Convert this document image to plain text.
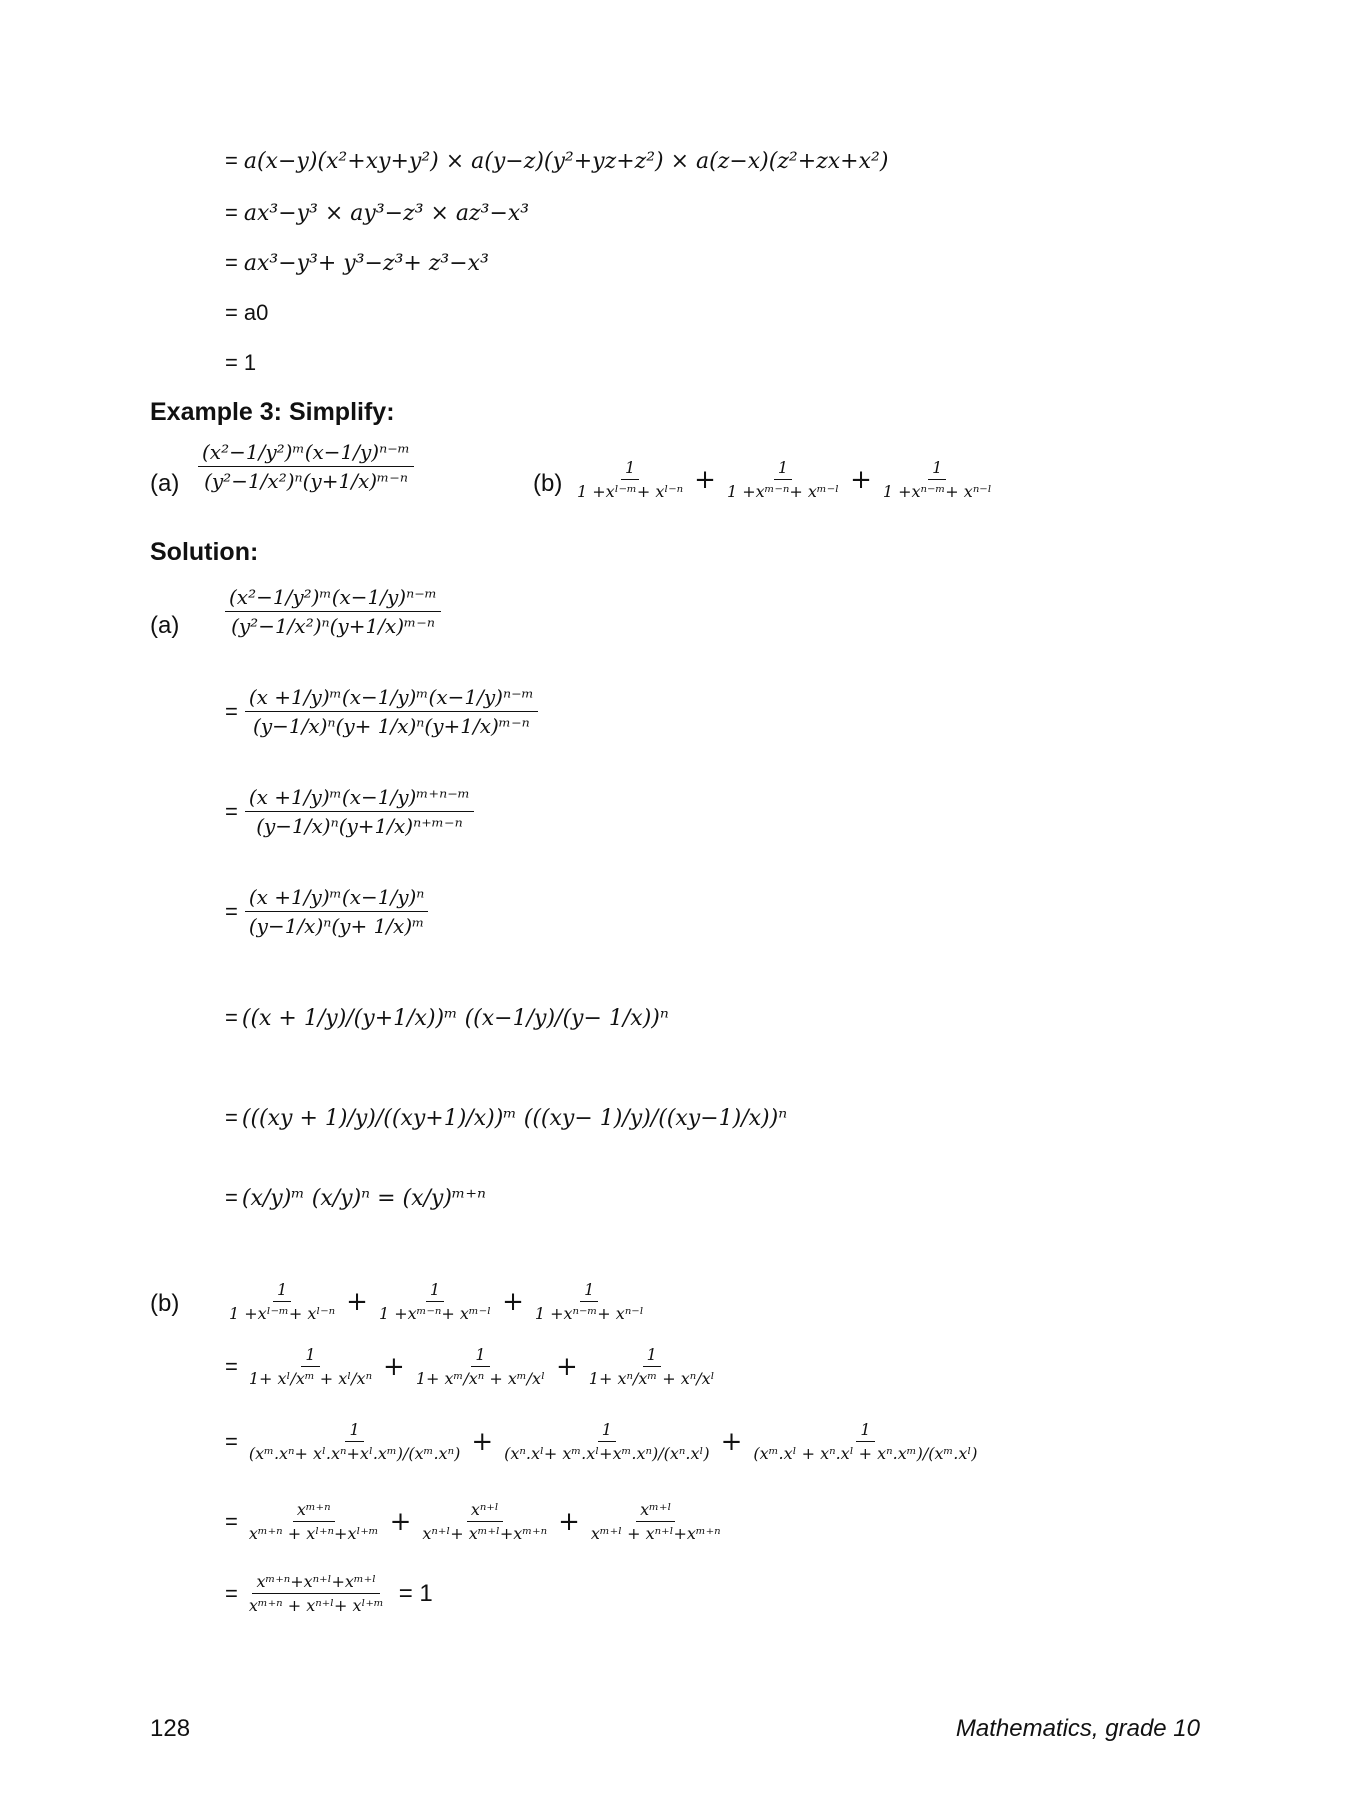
= a(x−y)(x²+xy+y²) × a(y−z)(y²+yz+z²) × a(z−x)(z²+zx+x²)
= ax³−y³ × ay³−z³ × az³−x³
= ax³−y³+ y³−z³+ z³−x³
= a0
= 1
Example 3: Simplify:
$(a) \frac{\text{(x²−1/y²)ᵐ(x−1/y)ⁿ⁻ᵐ}}{\text{(y²−1/x²)ⁿ(y+1/x)ᵐ⁻ⁿ}}$	$(b) \frac{1}{\text{1 +xˡ⁻ᵐ+ xˡ⁻ⁿ}} + \frac{1}{\text{1 +xᵐ⁻ⁿ+ xᵐ⁻ˡ}} + \frac{1}{\text{1 +xⁿ⁻ᵐ+ xⁿ⁻ˡ}}$
Solution:
$(a) \frac{\text{(x²−1/y²)ᵐ(x−1/y)ⁿ⁻ᵐ}}{\text{(y²−1/x²)ⁿ(y+1/x)ᵐ⁻ⁿ}}$
= $\frac{\text{(x +1/y)ᵐ(x−1/y)ᵐ(x−1/y)ⁿ⁻ᵐ}}{\text{(y−1/x)ⁿ(y+ 1/x)ⁿ(y+1/x)ᵐ⁻ⁿ}}$
= $\frac{\text{(x +1/y)ᵐ(x−1/y)ᵐ⁺ⁿ⁻ᵐ}}{\text{(y−1/x)ⁿ(y+1/x)ⁿ⁺ᵐ⁻ⁿ}}$
= $\frac{\text{(x +1/y)ᵐ(x−1/y)ⁿ}}{\text{(y−1/x)ⁿ(y+ 1/x)ᵐ}}$
= ((x + 1/y)/(y+1/x))ᵐ ((x−1/y)/(y− 1/x))ⁿ
= (((xy + 1)/y)/((xy+1)/x))ᵐ (((xy− 1)/y)/((xy−1)/x))ⁿ
= (x/y)ᵐ (x/y)ⁿ = (x/y)ᵐ⁺ⁿ
(b)	$\frac{1}{\text{1 +xˡ⁻ᵐ+ xˡ⁻ⁿ}} + \frac{1}{\text{1 +xᵐ⁻ⁿ+ xᵐ⁻ˡ}} + \frac{1}{\text{1 +xⁿ⁻ᵐ+ xⁿ⁻ˡ}}$
= $\frac{1}{\text{1+ xˡ/xᵐ + xˡ/xⁿ}} + \frac{1}{\text{1+ xᵐ/xⁿ + xᵐ/xˡ}} + \frac{1}{\text{1+ xⁿ/xᵐ + xⁿ/xˡ}}$
= $\frac{1}{\text{(xᵐ.xⁿ+ xˡ.xⁿ+xˡ.xᵐ)/(xᵐ.xⁿ)}} + \frac{1}{\text{(xⁿ.xˡ+ xᵐ.xˡ+xᵐ.xⁿ)/(xⁿ.xˡ)}} + \frac{1}{\text{(xᵐ.xˡ + xⁿ.xˡ + xⁿ.xᵐ)/(xᵐ.xˡ)}}$
= $\frac{\text{xᵐ⁺ⁿ}}{\text{xᵐ⁺ⁿ + xˡ⁺ⁿ+xˡ⁺ᵐ}} + \frac{\text{xⁿ⁺ˡ}}{\text{xⁿ⁺ˡ+ xᵐ⁺ˡ+xᵐ⁺ⁿ}} + \frac{\text{xᵐ⁺ˡ}}{\text{xᵐ⁺ˡ + xⁿ⁺ˡ+xᵐ⁺ⁿ}}$
= $\frac{\text{xᵐ⁺ⁿ+xⁿ⁺ˡ+xᵐ⁺ˡ}}{\text{xᵐ⁺ⁿ + xⁿ⁺ˡ+ xˡ⁺ᵐ}} = 1$
128	Mathematics, grade 10
